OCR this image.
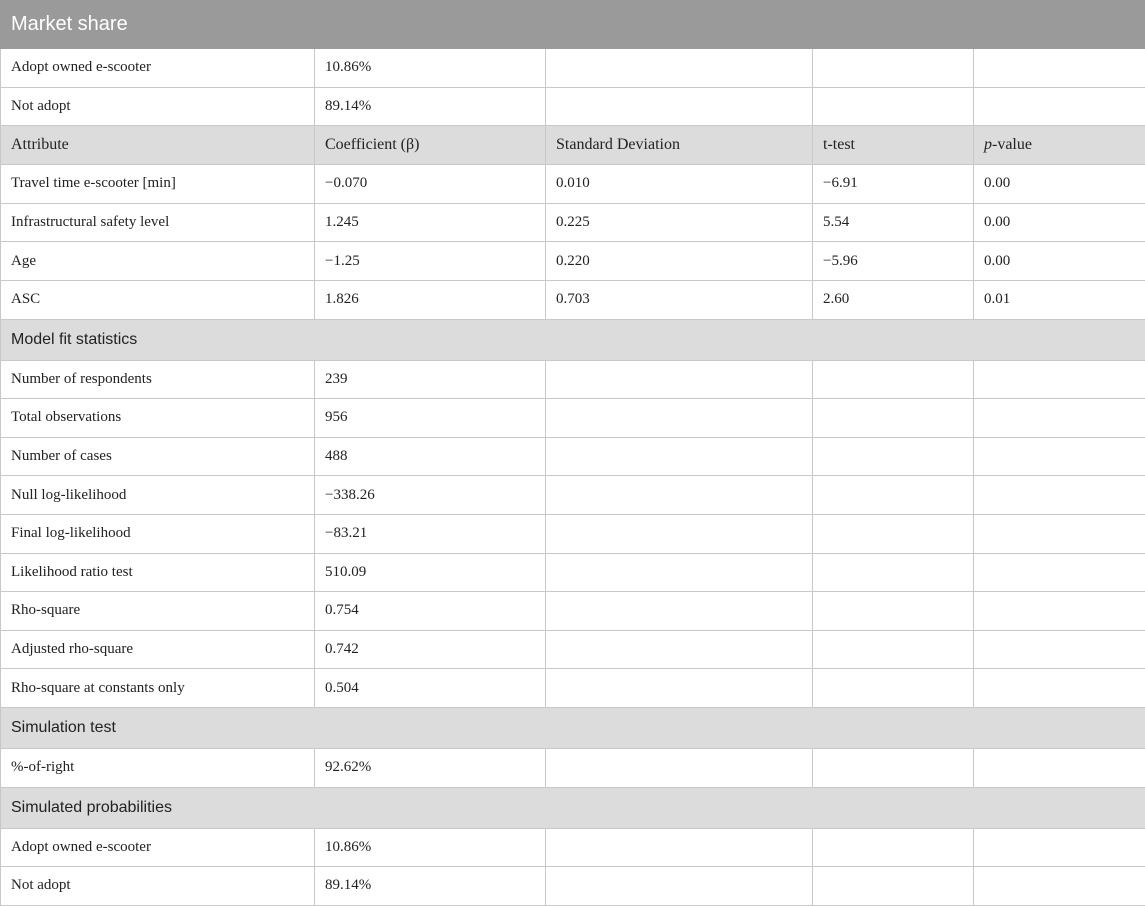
Market share				
Adopt owned e-scooter	10.86%			
Not adopt	89.14%			
Attribute	Coefficient (β)	Standard Deviation	t-test	p-value
Travel time e-scooter [min]	−0.070	0.010	−6.91	0.00
Infrastructural safety level	1.245	0.225	5.54	0.00
Age	−1.25	0.220	−5.96	0.00
ASC	1.826	0.703	2.60	0.01
Model fit statistics				
Number of respondents	239			
Total observations	956			
Number of cases	488			
Null log-likelihood	−338.26			
Final log-likelihood	−83.21			
Likelihood ratio test	510.09			
Rho-square	0.754			
Adjusted rho-square	0.742			
Rho-square at constants only	0.504			
Simulation test				
%-of-right	92.62%			
Simulated probabilities				
Adopt owned e-scooter	10.86%			
Not adopt	89.14%			
